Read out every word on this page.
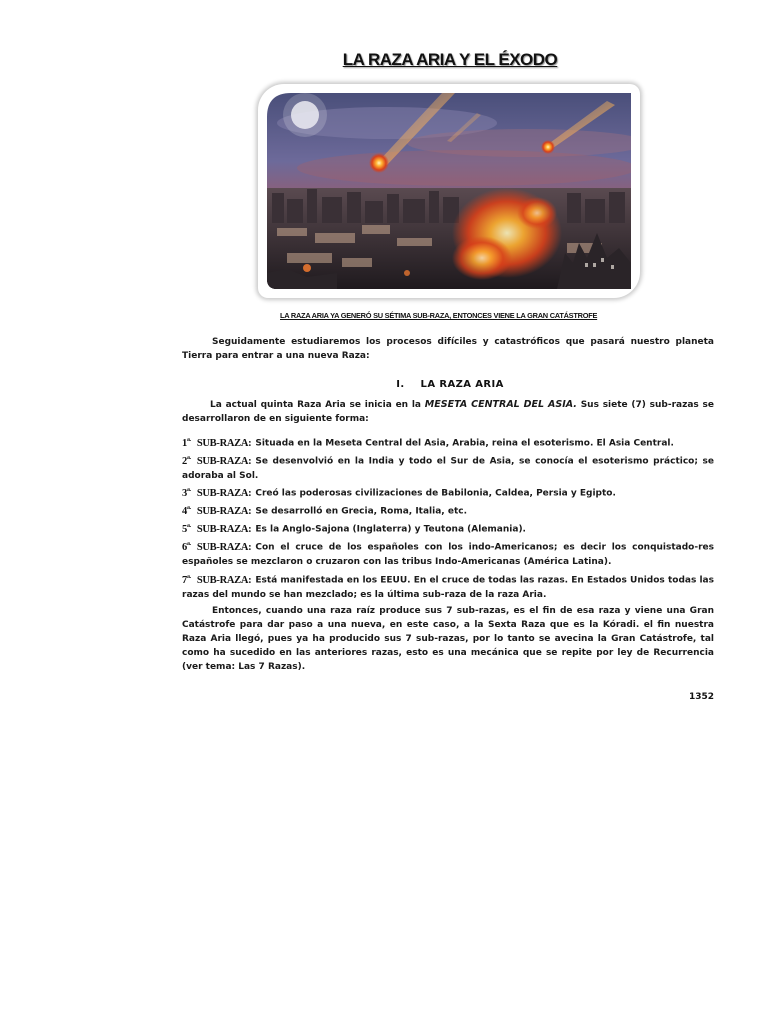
LA RAZA ARIA Y EL ÉXODO
LA RAZA ARIA YA GENERÓ SU SÉTIMA SUB-RAZA, ENTONCES VIENE LA GRAN CATÁSTROFE

Seguidamente estudiaremos los procesos difíciles y catastróficos que pasará nuestro planeta Tierra para entrar a una nueva Raza:

I. LA RAZA ARIA

La actual quinta Raza Aria se inicia en la MESETA CENTRAL DEL ASIA. Sus siete (7) sub-razas se desarrollaron de en siguiente forma:

$1^{a.}$ SUB-RAZA: Situada en la Meseta Central del Asia, Arabia, reina el esoterismo. El Asia Central.

$2^{a.}$ SUB-RAZA: Se desenvolvió en la India y todo el Sur de Asia, se conocía el esoterismo práctico; se adoraba al Sol.

$3^{a.}$ SUB-RAZA: Creó las poderosas civilizaciones de Babilonia, Caldea, Persia y Egipto.

$4^{a.}$ SUB-RAZA: Se desarrolló en Grecia, Roma, Italia, etc.

$5^{a.}$ SUB-RAZA: Es la Anglo-Sajona (Inglaterra) y Teutona (Alemania).

$6^{a.}$ SUB-RAZA: Con el cruce de los españoles con los indo-Americanos; es decir los conquistado-res españoles se mezclaron o cruzaron con las tribus Indo-Americanas (América Latina).

$7^{a.}$ SUB-RAZA: Está manifestada en los EEUU. En el cruce de todas las razas. En Estados Unidos todas las razas del mundo se han mezclado; es la última sub-raza de la raza Aria.

Entonces, cuando una raza raíz produce sus 7 sub-razas, es el fin de esa raza y viene una Gran Catástrofe para dar paso a una nueva, en este caso, a la Sexta Raza que es la Kóradi. el fin nuestra Raza Aria llegó, pues ya ha producido sus 7 sub-razas, por lo tanto se avecina la Gran Catástrofe, tal como ha sucedido en las anteriores razas, esto es una mecánica que se repite por ley de Recurrencia (ver tema: Las 7 Razas).

1352
